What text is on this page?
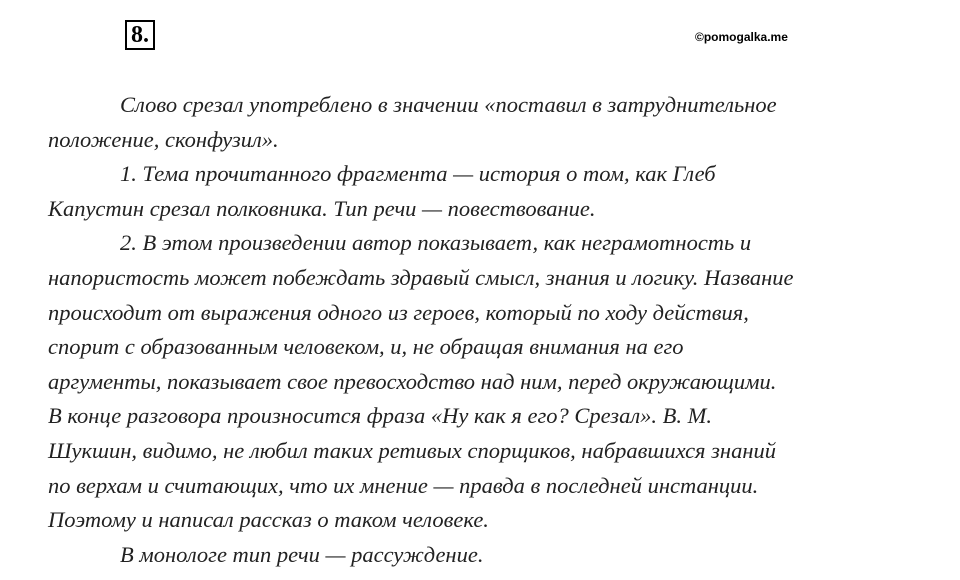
8.	©pomogalka.me
Слово срезал употреблено в значении «поставил в затруднительное
положение, сконфузил».
1. Тема прочитанного фрагмента — история о том, как Глеб
Капустин срезал полковника. Тип речи — повествование.
2. В этом произведении автор показывает, как неграмотность и
напористость может побеждать здравый смысл, знания и логику. Название
происходит от выражения одного из героев, который по ходу действия,
спорит с образованным человеком, и, не обращая внимания на его
аргументы, показывает свое превосходство над ним, перед окружающими.
В конце разговора произносится фраза «Ну как я его? Срезал». В. М.
Шукшин, видимо, не любил таких ретивых спорщиков, набравшихся знаний
по верхам и считающих, что их мнение — правда в последней инстанции.
Поэтому и написал рассказ о таком человеке.
В монологе тип речи — рассуждение.
